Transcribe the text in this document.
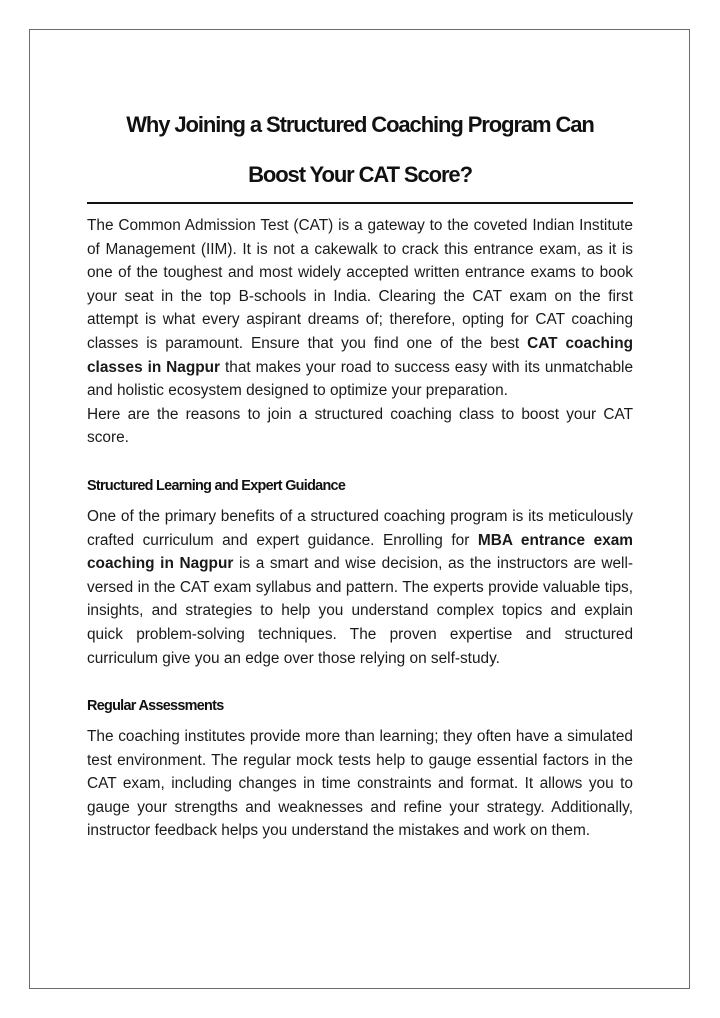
Why Joining a Structured Coaching Program Can
Boost Your CAT Score?

The Common Admission Test (CAT) is a gateway to the coveted Indian Institute of Management (IIM). It is not a cakewalk to crack this entrance exam, as it is one of the toughest and most widely accepted written entrance exams to book your seat in the top B-schools in India. Clearing the CAT exam on the first attempt is what every aspirant dreams of; therefore, opting for CAT coaching classes is paramount. Ensure that you find one of the best CAT coaching classes in Nagpur that makes your road to success easy with its unmatchable and holistic ecosystem designed to optimize your preparation.

Here are the reasons to join a structured coaching class to boost your CAT score.

Structured Learning and Expert Guidance

One of the primary benefits of a structured coaching program is its meticulously crafted curriculum and expert guidance. Enrolling for MBA entrance exam coaching in Nagpur is a smart and wise decision, as the instructors are well-versed in the CAT exam syllabus and pattern. The experts provide valuable tips, insights, and strategies to help you understand complex topics and explain quick problem-solving techniques. The proven expertise and structured curriculum give you an edge over those relying on self-study.

Regular Assessments

The coaching institutes provide more than learning; they often have a simulated test environment. The regular mock tests help to gauge essential factors in the CAT exam, including changes in time constraints and format. It allows you to gauge your strengths and weaknesses and refine your strategy. Additionally, instructor feedback helps you understand the mistakes and work on them.
